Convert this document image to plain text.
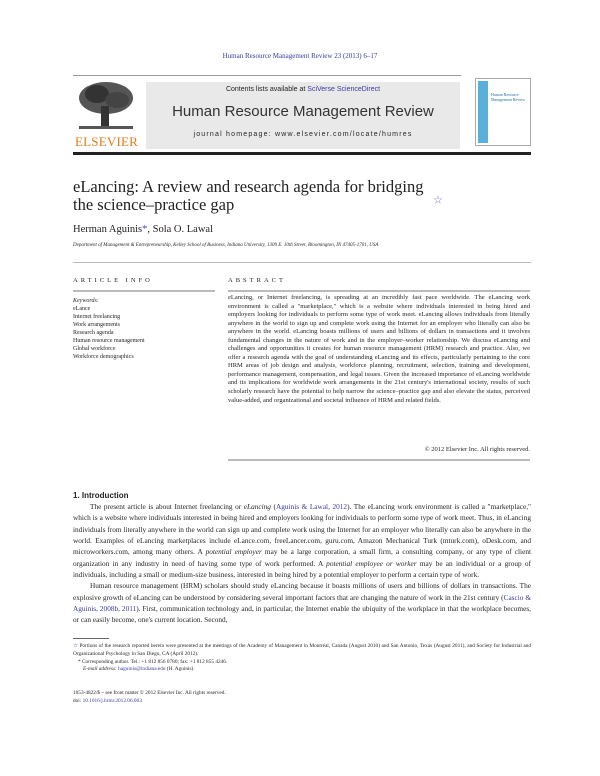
Human Resource Management Review 23 (2013) 6–17
ELSEVIER
Contents lists available at SciVerse ScienceDirect
Human Resource Management Review
journal homepage: www.elsevier.com/locate/humres
Human Resource Management Review
eLancing: A review and research agenda for bridging the science–practice gap	☆
Herman Aguinis*, Sola O. Lawal
Department of Management & Entrepreneurship, Kelley School of Business, Indiana University, 1309 E. 10th Street, Bloomington, IN 47405-1701, USA
ARTICLE INFO	ABSTRACT
Keywords:
eLance
Internet freelancing
Work arrangements
Research agenda
Human resource management
Global workforce
Workforce demographics
eLancing, or Internet freelancing, is spreading at an incredibly fast pace worldwide. The eLancing work environment is called a "marketplace," which is a website where individuals interested in being hired and employers looking for individuals to perform some type of work meet. eLancing allows individuals from literally anywhere in the world to sign up and complete work using the Internet for an employer who literally can also be anywhere in the world. eLancing boasts millions of users and billions of dollars in transactions and it involves fundamental changes in the nature of work and in the employer–worker relationship. We discuss eLancing and challenges and opportunities it creates for human resource management (HRM) research and practice. Also, we offer a research agenda with the goal of understanding eLancing and its effects, particularly pertaining to the core HRM areas of job design and analysis, workforce planning, recruitment, selection, training and development, performance management, compensation, and legal issues. Given the increased importance of eLancing worldwide and its implications for worldwide work arrangements in the 21st century's international society, results of such scholarly research have the potential to help narrow the science–practice gap and also elevate the status, perceived value-added, and organizational and societal influence of HRM and related fields.
© 2012 Elsevier Inc. All rights reserved.
1. Introduction

The present article is about Internet freelancing or eLancing (Aguinis & Lawal, 2012). The eLancing work environment is called a "marketplace," which is a website where individuals interested in being hired and employers looking for individuals to perform some type of work meet. Thus, in eLancing individuals from literally anywhere in the world can sign up and complete work using the Internet for an employer who literally can also be anywhere in the world. Examples of eLancing marketplaces include eLance.com, freeLancer.com, guru.com, Amazon Mechanical Turk (mturk.com), oDesk.com, and microworkers.com, among many others. A potential employer may be a large corporation, a small firm, a consulting company, or any type of client organization in any industry in need of having some type of work performed. A potential employee or worker may be an individual or a group of individuals, including a small or medium-size business, interested in being hired by a potential employer to perform a certain type of work.

Human resource management (HRM) scholars should study eLancing because it boasts millions of users and billions of dollars in transactions. The explosive growth of eLancing can be understood by considering several important factors that are changing the nature of work in the 21st century (Cascio & Aguinis, 2008b, 2011). First, communication technology and, in particular, the Internet enable the ubiquity of the workplace in that the workplace becomes, or can easily become, one's current location. Second,

☆ Portions of the research reported herein were presented at the meetings of the Academy of Management in Montréal, Canada (August 2010) and San Antonio, Texas (August 2011), and Society for Industrial and Organizational Psychology in San Diego, CA (April 2012).
* Corresponding author. Tel.: +1 812 856 0780; fax: +1 812 855 4246.
E-mail address: haguinis@indiana.edu (H. Aguinis).
1053-4822/$ – see front matter © 2012 Elsevier Inc. All rights reserved.
doi: 10.1016/j.hrmr.2012.06.003
